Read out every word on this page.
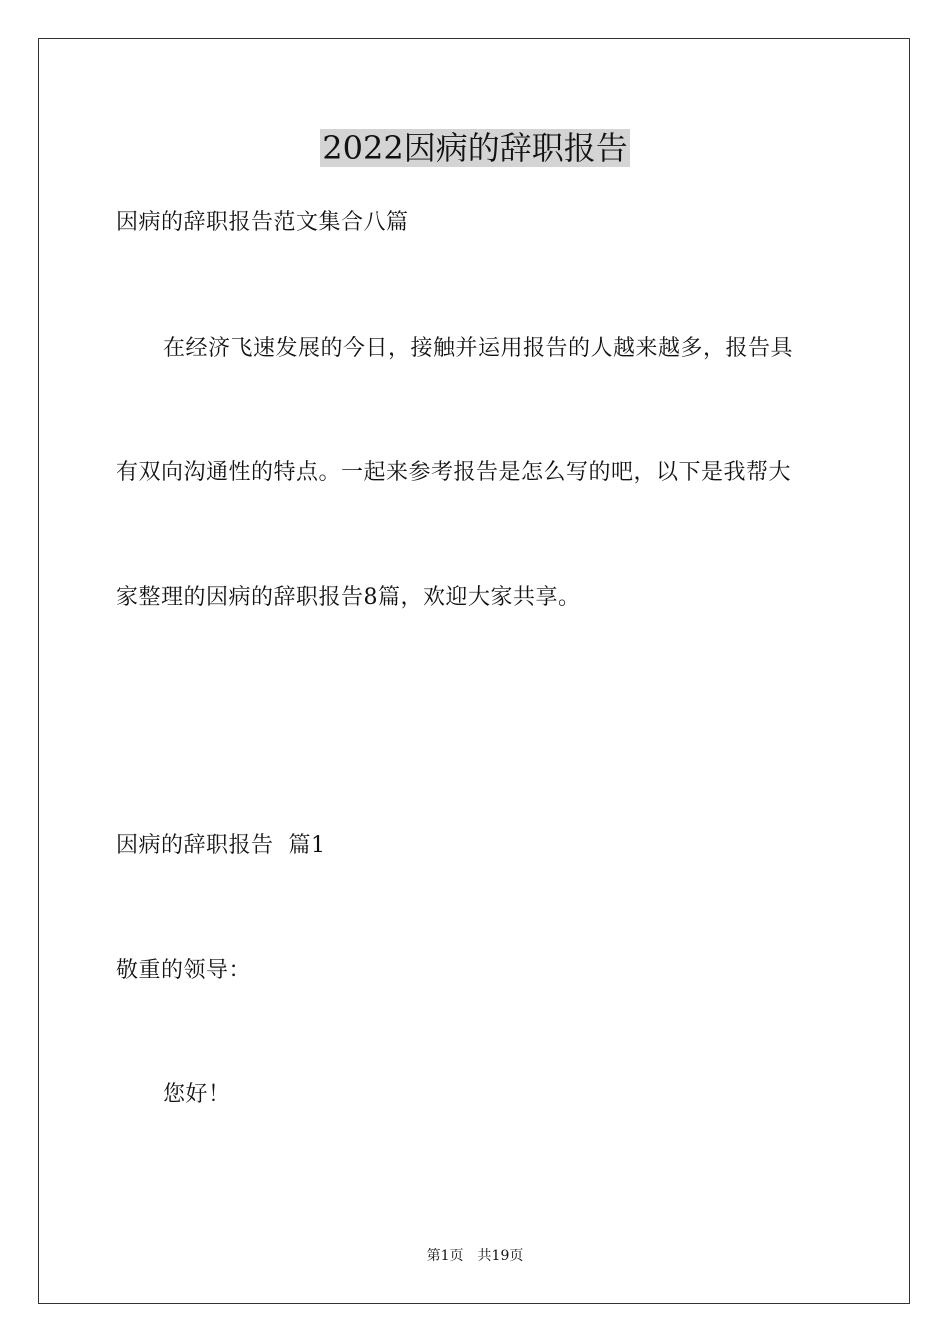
2022因病的辞职报告
因病的辞职报告范文集合八篇
在经济飞速发展的今日，接触并运用报告的人越来越多，报告具
有双向沟通性的特点。一起来参考报告是怎么写的吧，以下是我帮大
家整理的因病的辞职报告8篇，欢迎大家共享。
因病的辞职报告  篇1
敬重的领导：
您好！
第1页 共19页
